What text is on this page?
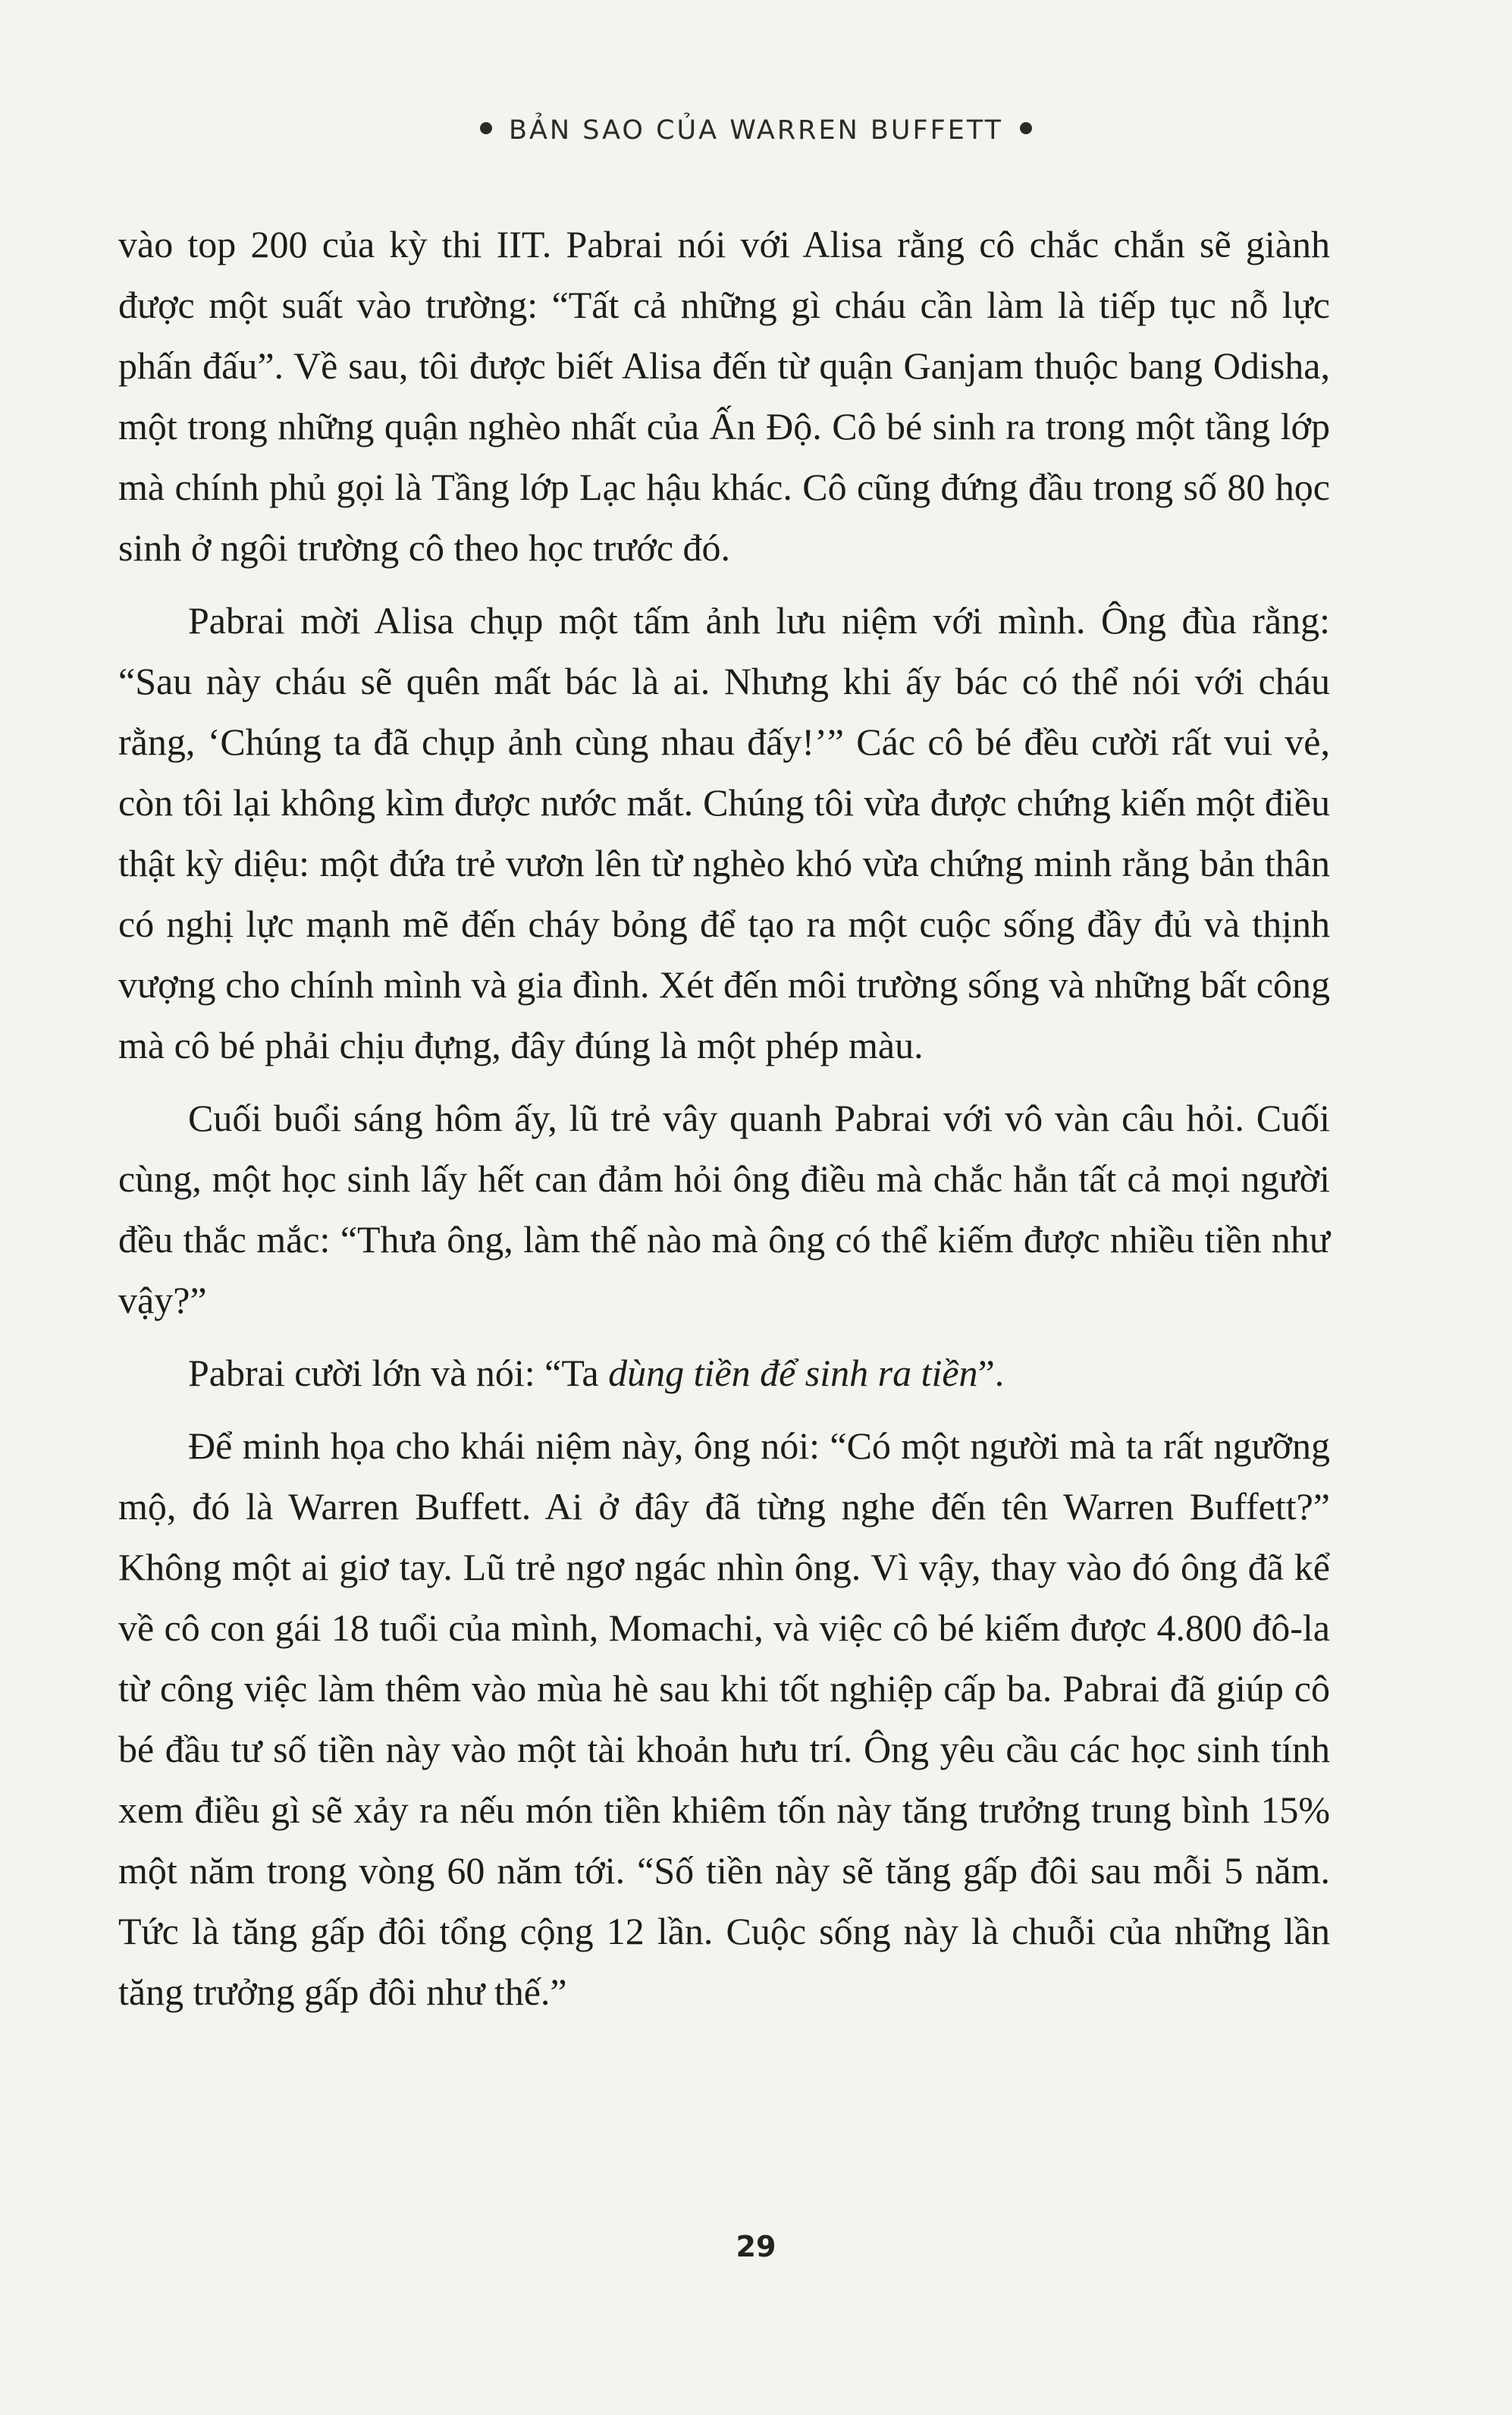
BẢN SAO CỦA WARREN BUFFETT

vào top 200 của kỳ thi IIT. Pabrai nói với Alisa rằng cô chắc chắn sẽ giành được một suất vào trường: “Tất cả những gì cháu cần làm là tiếp tục nỗ lực phấn đấu”. Về sau, tôi được biết Alisa đến từ quận Ganjam thuộc bang Odisha, một trong những quận nghèo nhất của Ấn Độ. Cô bé sinh ra trong một tầng lớp mà chính phủ gọi là Tầng lớp Lạc hậu khác. Cô cũng đứng đầu trong số 80 học sinh ở ngôi trường cô theo học trước đó.

Pabrai mời Alisa chụp một tấm ảnh lưu niệm với mình. Ông đùa rằng: “Sau này cháu sẽ quên mất bác là ai. Nhưng khi ấy bác có thể nói với cháu rằng, ‘Chúng ta đã chụp ảnh cùng nhau đấy!’” Các cô bé đều cười rất vui vẻ, còn tôi lại không kìm được nước mắt. Chúng tôi vừa được chứng kiến một điều thật kỳ diệu: một đứa trẻ vươn lên từ nghèo khó vừa chứng minh rằng bản thân có nghị lực mạnh mẽ đến cháy bỏng để tạo ra một cuộc sống đầy đủ và thịnh vượng cho chính mình và gia đình. Xét đến môi trường sống và những bất công mà cô bé phải chịu đựng, đây đúng là một phép màu.

Cuối buổi sáng hôm ấy, lũ trẻ vây quanh Pabrai với vô vàn câu hỏi. Cuối cùng, một học sinh lấy hết can đảm hỏi ông điều mà chắc hẳn tất cả mọi người đều thắc mắc: “Thưa ông, làm thế nào mà ông có thể kiếm được nhiều tiền như vậy?”

Pabrai cười lớn và nói: “Ta dùng tiền để sinh ra tiền”.

Để minh họa cho khái niệm này, ông nói: “Có một người mà ta rất ngưỡng mộ, đó là Warren Buffett. Ai ở đây đã từng nghe đến tên Warren Buffett?” Không một ai giơ tay. Lũ trẻ ngơ ngác nhìn ông. Vì vậy, thay vào đó ông đã kể về cô con gái 18 tuổi của mình, Momachi, và việc cô bé kiếm được 4.800 đô-la từ công việc làm thêm vào mùa hè sau khi tốt nghiệp cấp ba. Pabrai đã giúp cô bé đầu tư số tiền này vào một tài khoản hưu trí. Ông yêu cầu các học sinh tính xem điều gì sẽ xảy ra nếu món tiền khiêm tốn này tăng trưởng trung bình 15% một năm trong vòng 60 năm tới. “Số tiền này sẽ tăng gấp đôi sau mỗi 5 năm. Tức là tăng gấp đôi tổng cộng 12 lần. Cuộc sống này là chuỗi của những lần tăng trưởng gấp đôi như thế.”

29
